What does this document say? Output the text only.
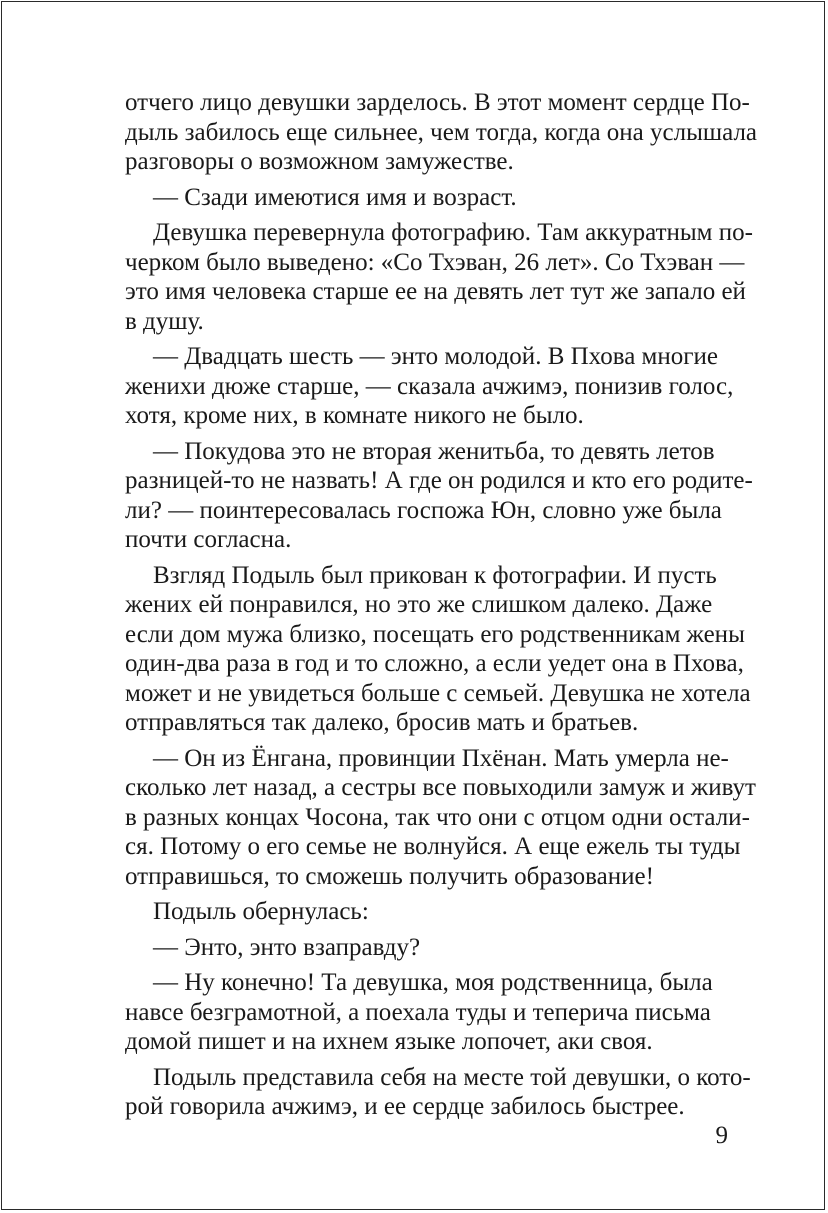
отчего лицо девушки зарделось. В этот момент сердце По-
дыль забилось еще сильнее, чем тогда, когда она услышала
разговоры о возможном замужестве.
— Сзади имеютися имя и возраст.
Девушка перевернула фотографию. Там аккуратным по-
черком было выведено: «Со Тхэван, 26 лет». Со Тхэван —
это имя человека старше ее на девять лет тут же запало ей
в душу.
— Двадцать шесть — энто молодой. В Пхова многие
женихи дюже старше, — сказала ачжимэ, понизив голос,
хотя, кроме них, в комнате никого не было.
— Покудова это не вторая женитьба, то девять летов
разницей-то не назвать! А где он родился и кто его родите-
ли? — поинтересовалась госпожа Юн, словно уже была
почти согласна.
Взгляд Подыль был прикован к фотографии. И пусть
жених ей понравился, но это же слишком далеко. Даже
если дом мужа близко, посещать его родственникам жены
один-два раза в год и то сложно, а если уедет она в Пхова,
может и не увидеться больше с семьей. Девушка не хотела
отправляться так далеко, бросив мать и братьев.
— Он из Ёнгана, провинции Пхёнан. Мать умерла не-
сколько лет назад, а сестры все повыходили замуж и живут
в разных концах Чосона, так что они с отцом одни остали-
ся. Потому о его семье не волнуйся. А еще ежель ты туды
отправишься, то сможешь получить образование!
Подыль обернулась:
— Энто, энто взаправду?
— Ну конечно! Та девушка, моя родственница, была
навсе безграмотной, а поехала туды и теперича письма
домой пишет и на ихнем языке лопочет, аки своя.
Подыль представила себя на месте той девушки, о кото-
рой говорила ачжимэ, и ее сердце забилось быстрее.
9
